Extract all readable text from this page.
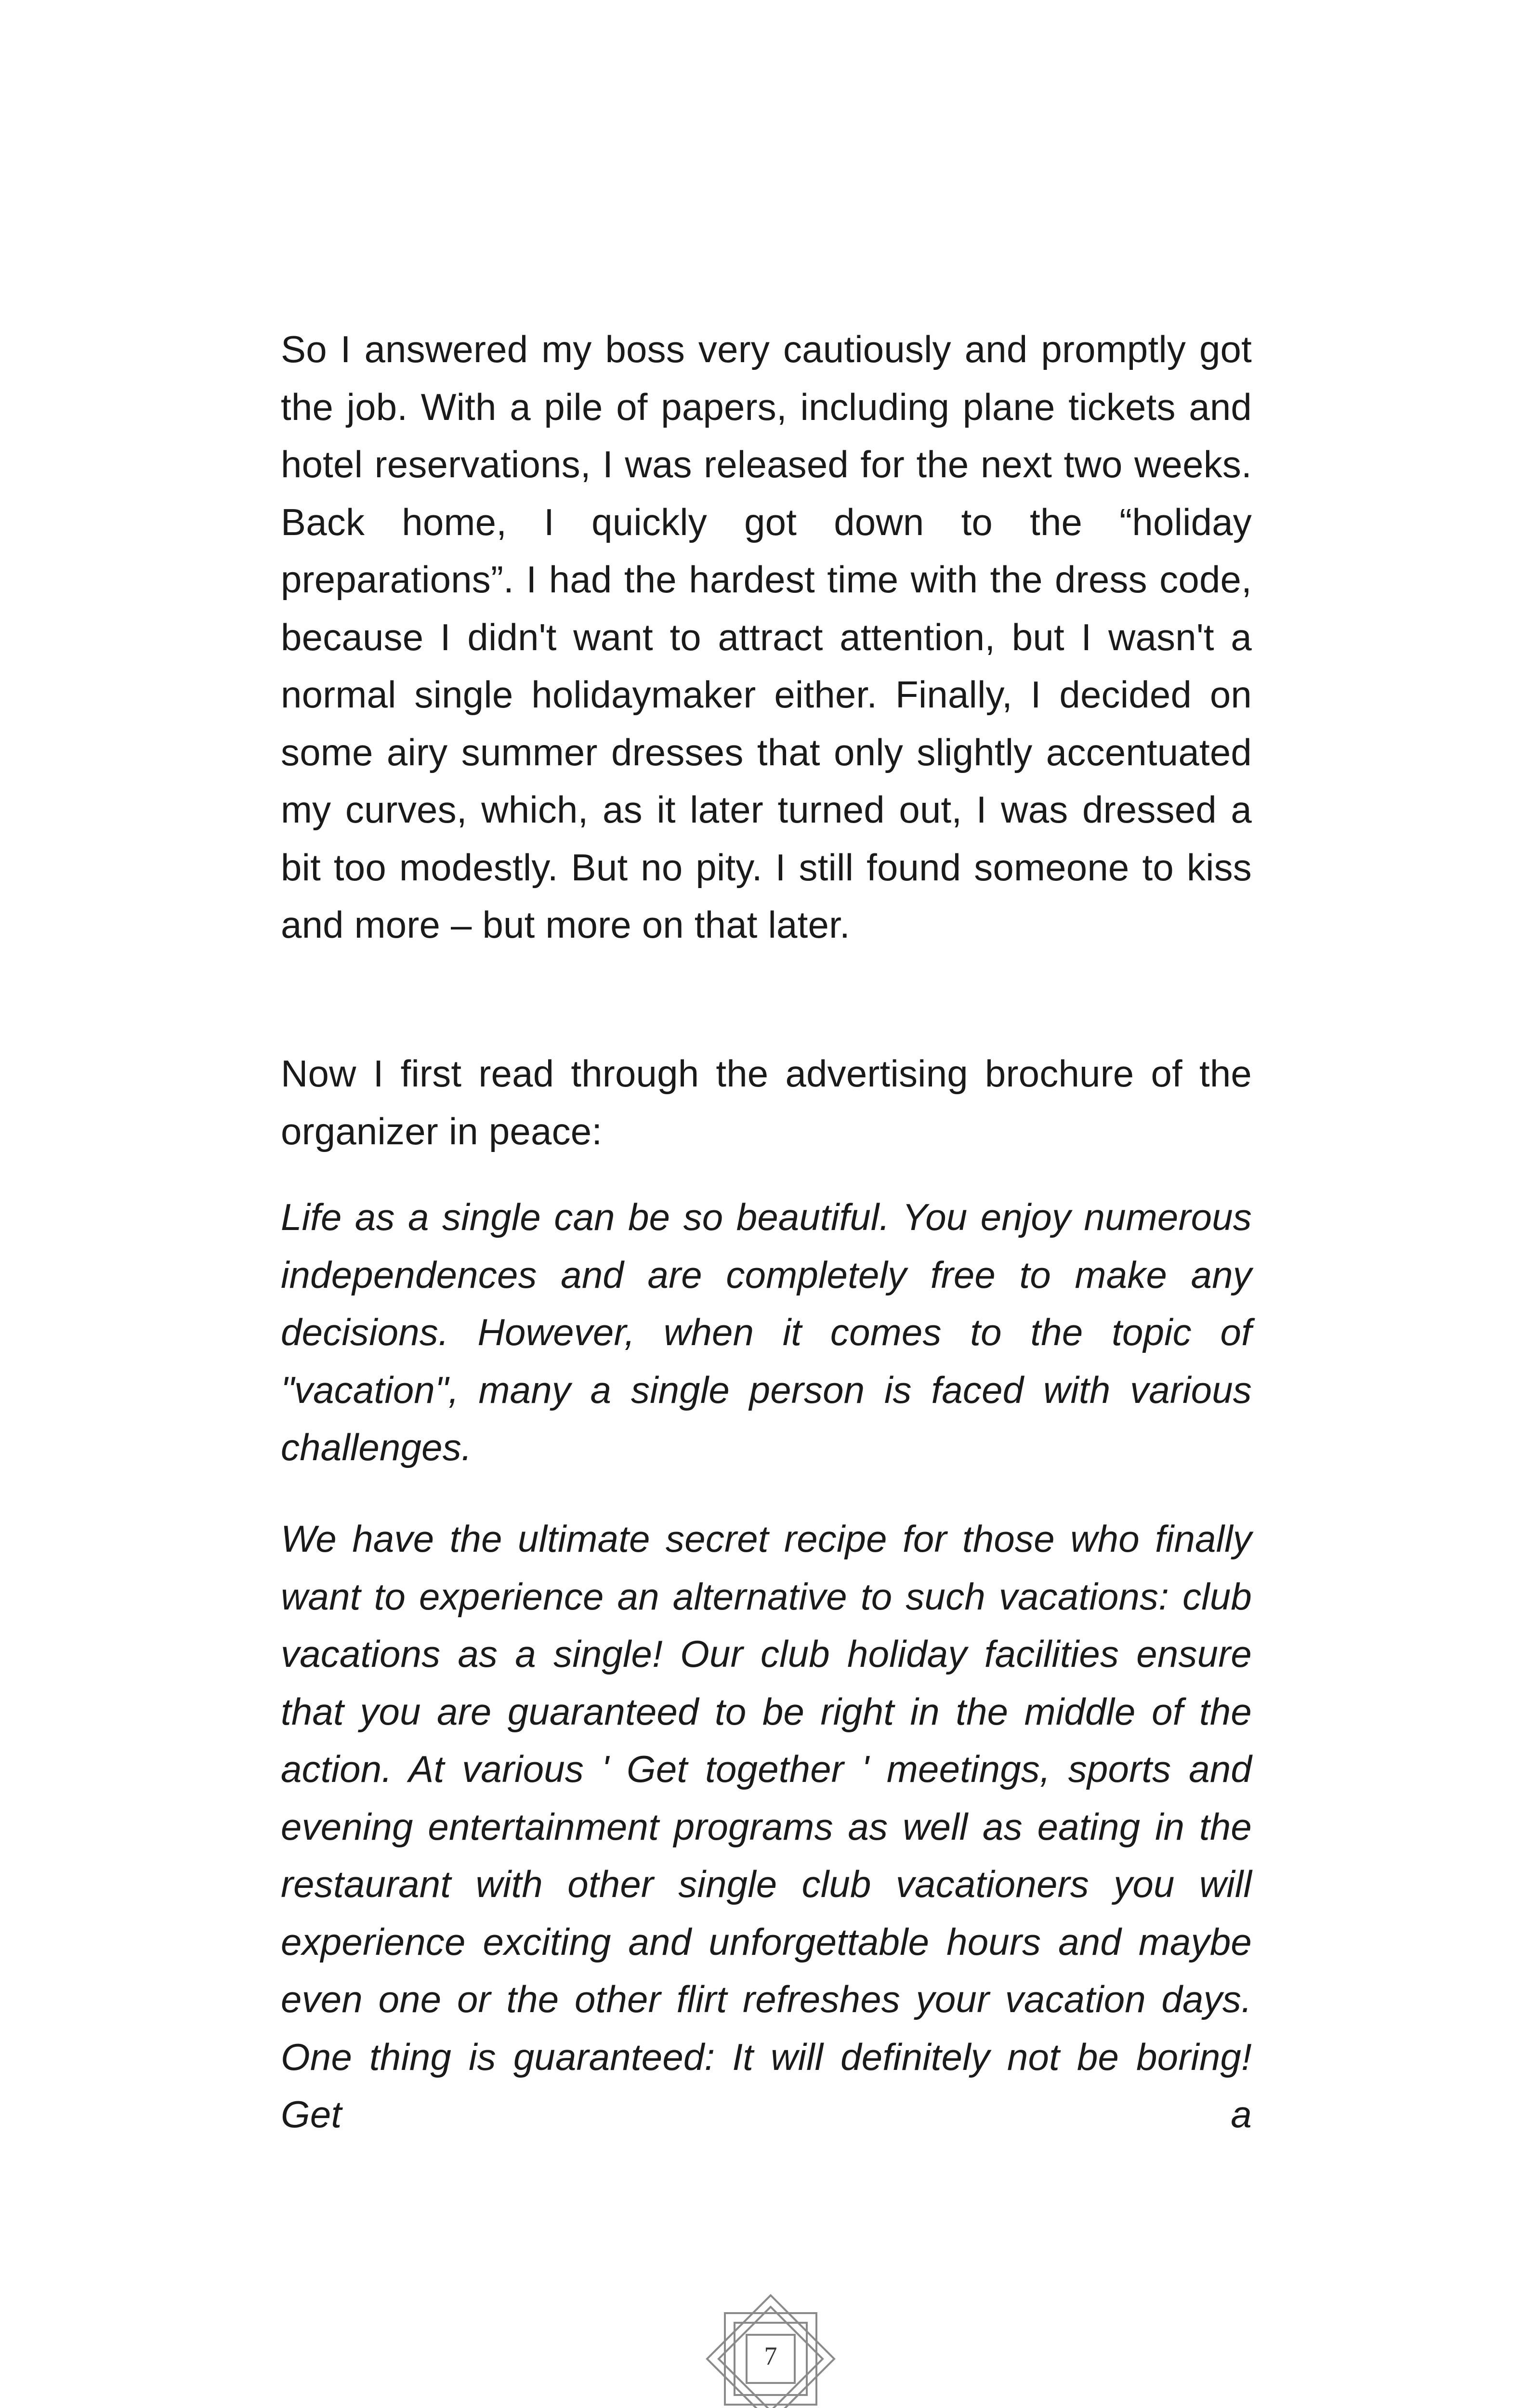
So I answered my boss very cautiously and promptly got the job. With a pile of papers, including plane tickets and hotel reservations, I was released for the next two weeks. Back home, I quickly got down to the “holiday preparations”. I had the hardest time with the dress code, because I didn't want to attract attention, but I wasn't a normal single holidaymaker either. Finally, I decided on some airy summer dresses that only slightly accentuated my curves, which, as it later turned out, I was dressed a bit too modestly. But no pity. I still found someone to kiss and more – but more on that later.

Now I first read through the advertising brochure of the organizer in peace:

Life as a single can be so beautiful. You enjoy numerous independences and are completely free to make any decisions. However, when it comes to the topic of "vacation", many a single person is faced with various challenges.

We have the ultimate secret recipe for those who finally want to experience an alternative to such vacations: club vacations as a single! Our club holiday facilities ensure that you are guaranteed to be right in the middle of the action. At various ' Get together ' meetings, sports and evening entertainment programs as well as eating in the restaurant with other single club vacationers you will experience exciting and unforgettable hours and maybe even one or the other flirt refreshes your vacation days. One thing is guaranteed: It will definitely not be boring! Get a

7
